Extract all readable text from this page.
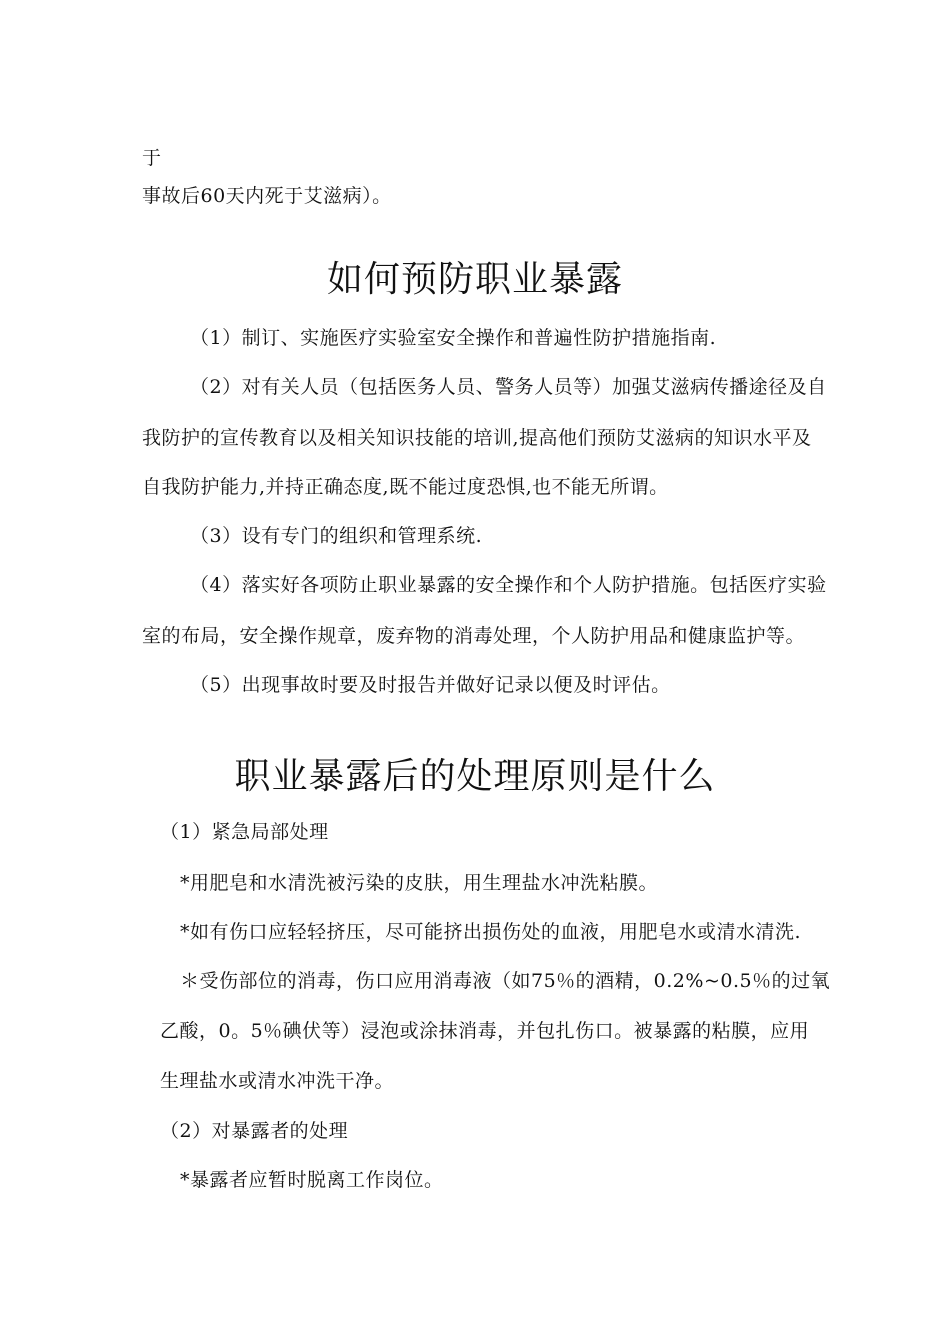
于
事故后60天内死于艾滋病）。
如何预防职业暴露
（1）制订、实施医疗实验室安全操作和普遍性防护措施指南.
（2）对有关人员（包括医务人员、警务人员等）加强艾滋病传播途径及自
我防护的宣传教育以及相关知识技能的培训,提高他们预防艾滋病的知识水平及
自我防护能力,并持正确态度,既不能过度恐惧,也不能无所谓。
（3）设有专门的组织和管理系统.
（4）落实好各项防止职业暴露的安全操作和个人防护措施。包括医疗实验
室的布局，安全操作规章，废弃物的消毒处理，个人防护用品和健康监护等。
（5）出现事故时要及时报告并做好记录以便及时评估。
职业暴露后的处理原则是什么
（1）紧急局部处理
*用肥皂和水清洗被污染的皮肤，用生理盐水冲洗粘膜。
*如有伤口应轻轻挤压，尽可能挤出损伤处的血液，用肥皂水或清水清洗.
＊受伤部位的消毒，伤口应用消毒液（如75％的酒精，0.2%~0.5％的过氧
乙酸，0。5％碘伏等）浸泡或涂抹消毒，并包扎伤口。被暴露的粘膜，应用
生理盐水或清水冲洗干净。
（2）对暴露者的处理
*暴露者应暂时脱离工作岗位。
